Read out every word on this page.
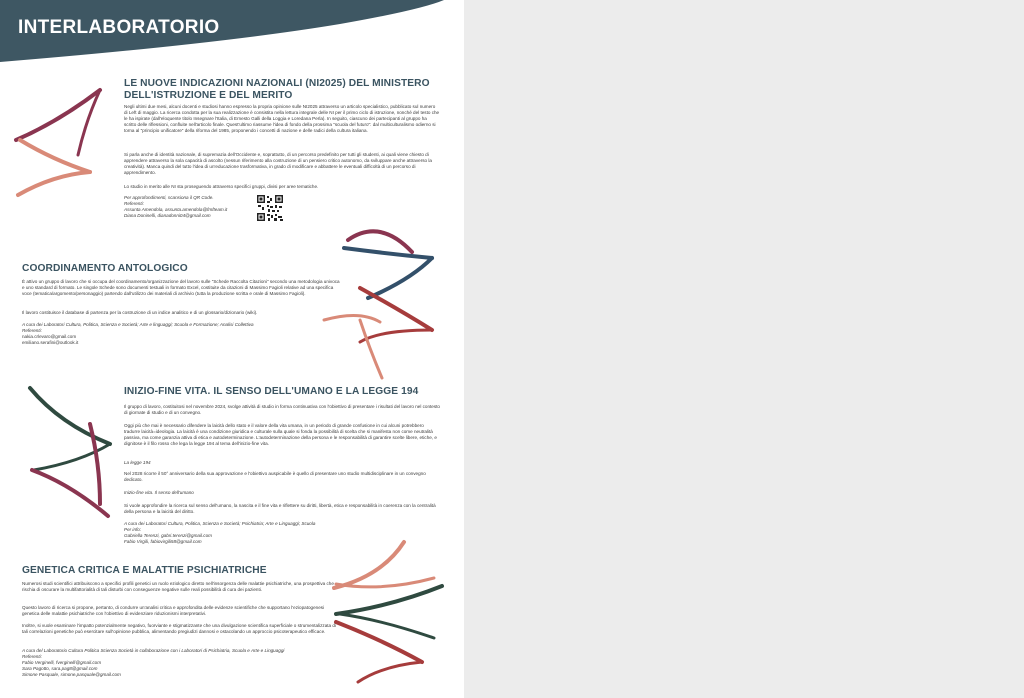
INTERLABORATORIO
LE NUOVE INDICAZIONI NAZIONALI (NI2025) DEL MINISTERO DELL'ISTRUZIONE E DEL MERITO

Negli ultimi due mesi, alcuni docenti e studiosi hanno espresso la propria opinione sulle NI2025 attraverso un articolo specialistico, pubblicato sul numero di Left di maggio. La ricerca condotta per la sua realizzazione è consistita nella lettura integrale delle NI per il primo ciclo di istruzione, nonché del testo che le ha ispirate (dall'eloquente titolo Insegnare l'Italia, di Ernesto Galli della Loggia e Loredana Perla). In seguito, ciascuno dei partecipanti al gruppo ha scritto delle riflessioni, confluite nell'articolo finale. Quest'ultimo riassume l'idea di fondo della prossima "scuola del futuro": dal multiculturalismo odierno si torna al "principio unificatore" della riforma del 1985, proponendo i concetti di nazione e delle radici della cultura italiana.

Si parla anche di identità nazionale, di supremazia dell'Occidente e, soprattutto, di un percorso predefinito per tutti gli studenti, ai quali viene chiesto di apprendere attraverso la sola capacità di ascolto (nessun riferimento alla costruzione di un pensiero critico autonomo, da sviluppare anche attraverso la creatività). Manca quindi del tutto l'idea di un'educazione trasformativa, in grado di modificare e abbattere le eventuali difficoltà di un percorso di apprendimento.

Lo studio in merito alle NI sta proseguendo attraverso specifici gruppi, divisi per aree tematiche.

Per approfondimenti, scansiona il QR Code.
Referenti:
Assunta Amendola, assunta.amendola@fmfteam.it
Diana Doninelli, dianadonni04@gmail.com

COORDINAMENTO ANTOLOGICO

È attivo un gruppo di lavoro che si occupa del coordinamento/organizzazione del lavoro sulle "Schede Raccolta Citazioni" secondo una metodologia univoca e uno standard di formato. Le singole Schede sono documenti testuali in formato Excel, costituite da citazioni di Massimo Fagioli relative ad una specifica voce (tematica/argomento/personaggio) partendo dall'utilizzo dei materiali di archivio (tutta la produzione scritta e orale di Massimo Fagioli).

Il lavoro costituisce il database di partenza per la costruzione di un indice analitico e di un glossario/dizionario (wiki).

A cura dei Laboratori Cultura, Politica, Scienza e Società; Arte e linguaggi; Scuola e Formazione; Analisi Collettiva

Referenti:

nakia.crlevaro@gmail.com
emiliano.serafini@outlook.it

INIZIO-FINE VITA. IL SENSO DELL'UMANO E LA LEGGE 194

Il gruppo di lavoro, costituitosi nel novembre 2024, svolge attività di studio in forma continuativa con l'obiettivo di presentare i risultati del lavoro nel contesto di giornate di studio e di un convegno.

Oggi più che mai è necessario difendere la laicità dello stato e il valore della vita umana, in un periodo di grande confusione in cui alcuni potrebbero tradurre laicità=ideologia. La laicità è una condizione giuridica e culturale sulla quale si fonda la possibilità di scelta che si manifesta non come neutralità passiva, ma come garanzia attiva di etica e autodeterminazione. L'autodeterminazione della persona e le responsabilità di garantire scelte libere, etiche, e dignitose è il filo rosso che lega la legge 194 al tema dell'inizio-fine vita.

La legge 194

Nel 2028 ricorre il 50° anniversario della sua approvazione e l'obiettivo auspicabile è quello di presentare uno studio multidisciplinare in un convegno dedicato.

Inizio-fine vita. Il senso dell'umano

Si vuole approfondire la ricerca sul senso dell'umano, la nascita e il fine vita e riflettere su diritti, libertà, etica e responsabilità in coerenza con la centralità della persona e la laicità del diritto.

A cura dei Laboratori Cultura, Politica, Scienza e Società; Psichiatria; Arte e Linguaggi; Scuola
Per info:
Gabriella Terenzi, gabri.terenzi@gmail.com
Fabio Virgili, fabiovirgili58@gmail.com

GENETICA CRITICA E MALATTIE PSICHIATRICHE

Numerosi studi scientifici attribuiscono a specifici profili genetici un ruolo eziologico diretto nell'insorgenza delle malattie psichiatriche, una prospettiva che rischia di oscurare la multifattorialità di tali disturbi con conseguenze negative sulle reali possibilità di cura dei pazienti.

Questo lavoro di ricerca si propone, pertanto, di condurre un'analisi critica e approfondita delle evidenze scientifiche che supportano l'eziopatogenesi genetica delle malattie psichiatriche con l'obiettivo di evidenziare riduzionismi interpretativi.

Inoltre, si vuole esaminare l'impatto potenzialmente negativo, fuorviante e stigmatizzante che una divulgazione scientifica superficiale o strumentalizzata di tali correlazioni genetiche può esercitare sull'opinione pubblica, alimentando pregiudizi dannosi e ostacolando un approccio psicoterapeutico efficace.

A cura del Laboratorio Cultura Politica Scienza Società in collaborazione con i Laboratori di Psichiatria, Scuola e Arte e Linguaggi
Referenti:
Fabio Verginelli, fverginelli@gmail.com
Sara Pagotto, sara.pag8@gmail.com
Simone Pasquale, simone.pasquale@gmail.com
